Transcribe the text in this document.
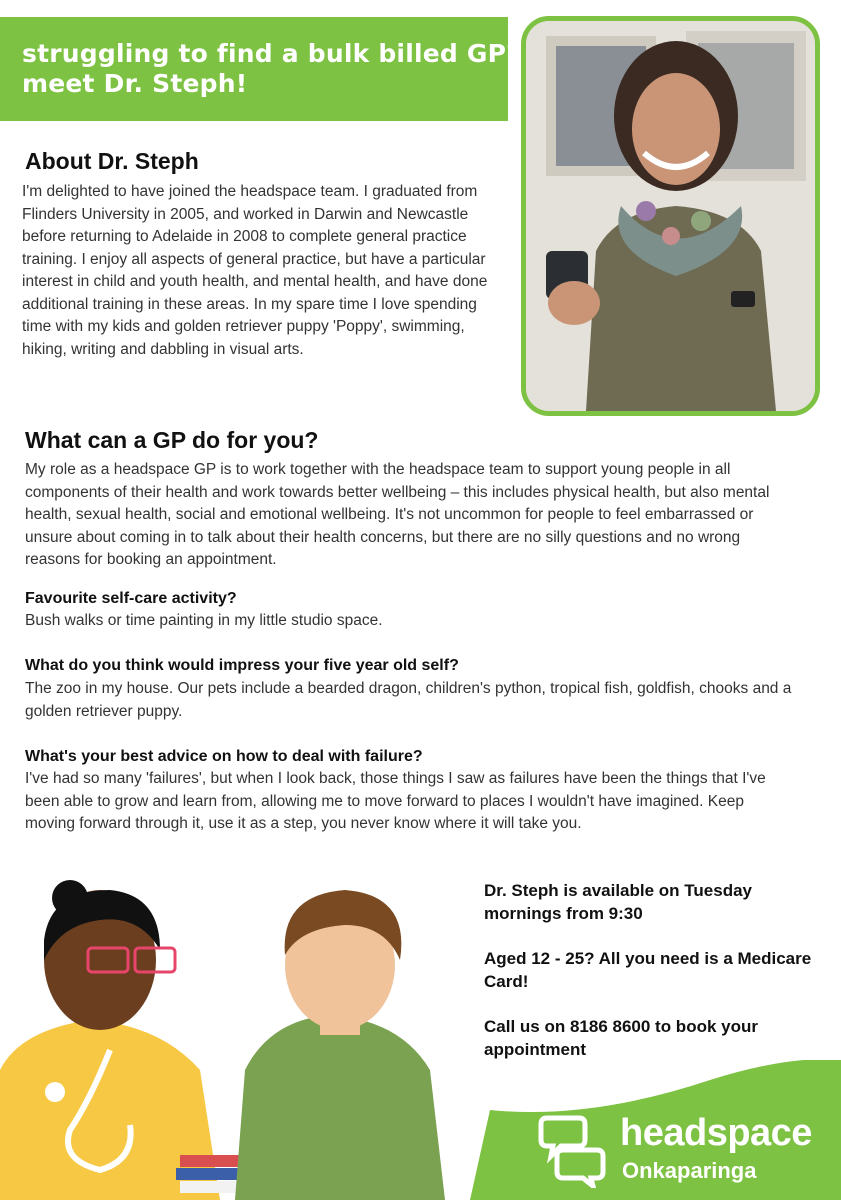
struggling to find a bulk billed GP?
meet Dr. Steph!
About Dr. Steph
I'm delighted to have joined the headspace team. I graduated from Flinders University in 2005, and worked in Darwin and Newcastle before returning to Adelaide in 2008 to complete general practice training. I enjoy all aspects of general practice, but have a particular interest in child and youth health, and mental health, and have done additional training in these areas. In my spare time I love spending time with my kids and golden retriever puppy 'Poppy', swimming, hiking, writing and dabbling in visual arts.
What can a GP do for you?
My role as a headspace GP is to work together with the headspace team to support young people in all components of their health and work towards better wellbeing – this includes physical health, but also mental health, sexual health, social and emotional wellbeing. It's not uncommon for people to feel embarrassed or unsure about coming in to talk about their health concerns, but there are no silly questions and no wrong reasons for booking an appointment.
Favourite self-care activity?
Bush walks or time painting in my little studio space.
What do you think would impress your five year old self?
The zoo in my house. Our pets include a bearded dragon, children's python, tropical fish, goldfish, chooks and a golden retriever puppy.
What's your best advice on how to deal with failure?
I've had so many 'failures', but when I look back, those things I saw as failures have been the things that I've been able to grow and learn from, allowing me to move forward to places I wouldn't have imagined. Keep moving forward through it, use it as a step, you never know where it will take you.
Dr. Steph is available on Tuesday mornings from 9:30
Aged 12 - 25? All you need is a Medicare Card!
Call us on 8186 8600 to book your appointment
headspace
Onkaparinga
